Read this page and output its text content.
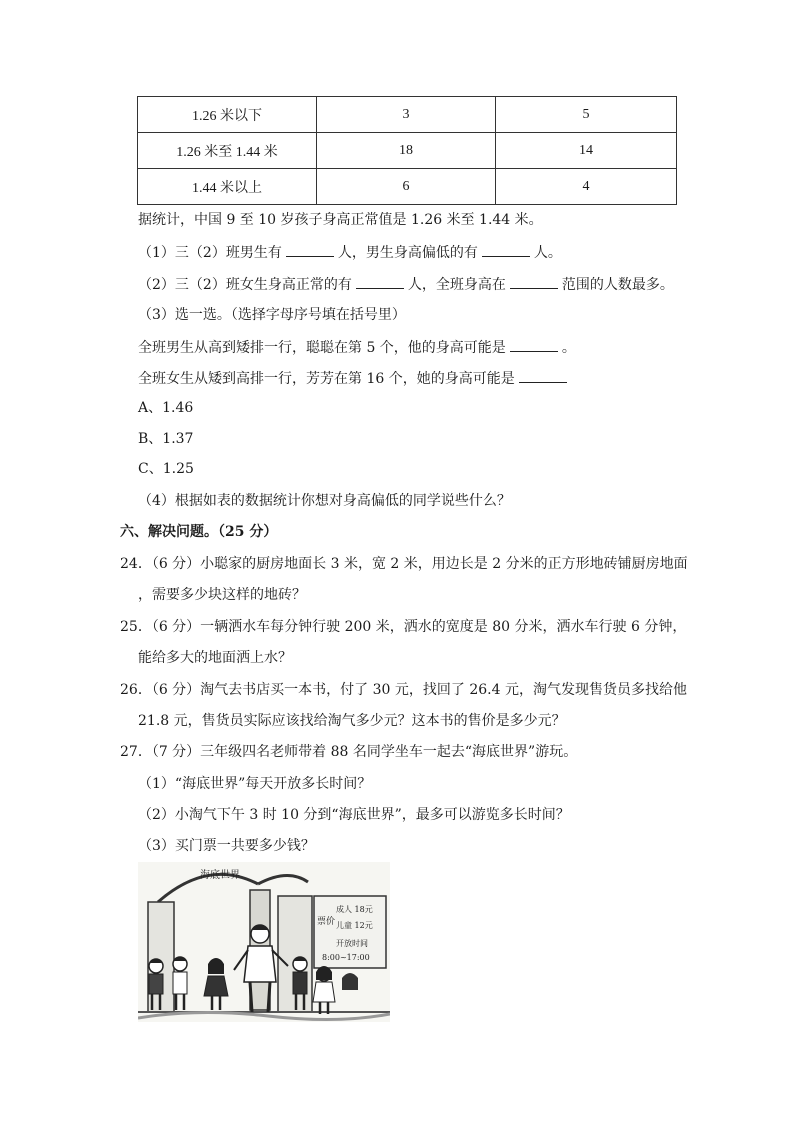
1.26 米以下	3	5
1.26 米至 1.44 米	18	14
1.44 米以上	6	4
据统计，中国 9 至 10 岁孩子身高正常值是 1.26 米至 1.44 米。
（1）三（2）班男生有	人，男生身高偏低的有	人。
（2）三（2）班女生身高正常的有	人，全班身高在	范围的人数最多。
（3）选一选。（选择字母序号填在括号里）
全班男生从高到矮排一行，聪聪在第 5 个，他的身高可能是	。
全班女生从矮到高排一行，芳芳在第 16 个，她的身高可能是
A、1.46
B、1.37
C、1.25
（4）根据如表的数据统计你想对身高偏低的同学说些什么？
六、解决问题。（25 分）
24．（6 分）小聪家的厨房地面长 3 米，宽 2 米，用边长是 2 分米的正方形地砖铺厨房地面
，需要多少块这样的地砖？
25．（6 分）一辆洒水车每分钟行驶 200 米，洒水的宽度是 80 分米，洒水车行驶 6 分钟，
能给多大的地面洒上水？
26．（6 分）淘气去书店买一本书，付了 30 元，找回了 26.4 元，淘气发现售货员多找给他
21.8 元，售货员实际应该找给淘气多少元？这本书的售价是多少元？
27．（7 分）三年级四名老师带着 88 名同学坐车一起去“海底世界”游玩。
（1）“海底世界”每天开放多长时间？
（2）小淘气下午 3 时 10 分到“海底世界”，最多可以游览多长时间？
（3）买门票一共要多少钱？
海底世界
票价
成人 18元
儿童 12元
开放时间
8:00~17:00
